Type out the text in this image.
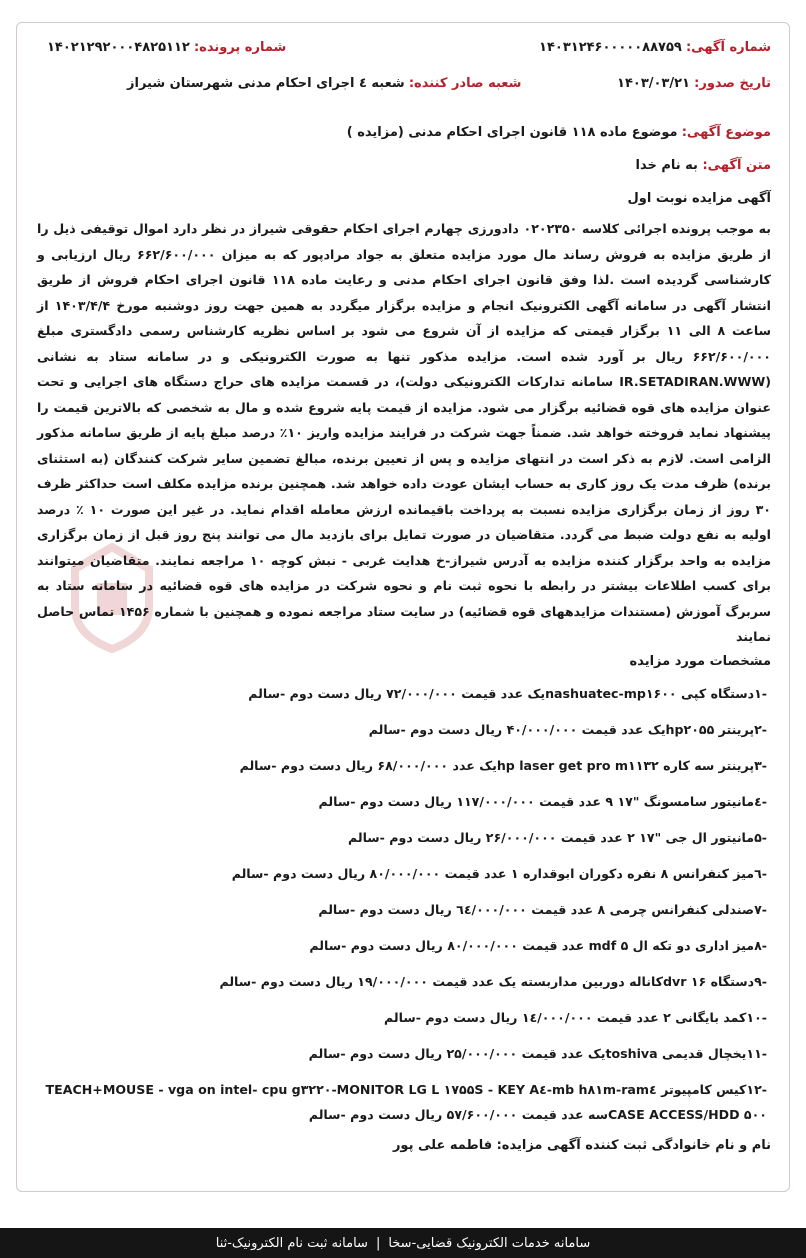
شماره آگهی: ۱۴۰۳۱۲۴۶۰۰۰۰۰۸۸۷۵۹
شماره پرونده: ۱۴۰۲۱۲۹۲۰۰۰۴۸۲۵۱۱۲
تاریخ صدور: ۱۴۰۳/۰۳/۲۱
شعبه صادر کننده: شعبه ٤ اجرای احکام مدنی شهرستان شیراز
موضوع آگهی: موضوع ماده ۱۱۸ قانون اجرای احکام مدنی (مزایده )
متن آگهی: به نام خدا
آگهی مزایده نوبت اول
به موجب پرونده اجرائی کلاسه ۰۲۰۲۳۵۰ دادورزی چهارم اجرای احکام حقوقی شیراز در نظر دارد اموال توقیفی ذیل را از طریق مزایده به فروش رساند مال مورد مزایده متعلق به جواد مرادپور که به میزان ۶۶۲/۶۰۰/۰۰۰ ریال ارزیابی و کارشناسی گردیده است .لذا وفق قانون اجرای احکام مدنی و رعایت ماده ۱۱۸ قانون اجرای احکام فروش از طریق انتشار آگهی در سامانه آگهی الکترونیک انجام و مزایده برگزار میگردد به همین جهت روز دوشنبه مورخ ۱۴۰۳/۴/۴ از ساعت ۸ الی ۱۱ برگزار قیمتی که مزایده از آن شروع می شود بر اساس نظریه کارشناس رسمی دادگستری مبلغ ۶۶۲/۶۰۰/۰۰۰ ریال بر آورد شده است. مزایده مذکور تنها به صورت الکترونیکی و در سامانه ستاد به نشانی (IR.SETADIRAN.WWW سامانه تدارکات الکترونیکی دولت)، در قسمت مزایده های حراج دستگاه های اجرایی و تحت عنوان مزایده های قوه قضائیه برگزار می شود. مزایده از قیمت پایه شروع شده و مال به شخصی که بالاترین قیمت را پیشنهاد نماید فروخته خواهد شد. ضمناً جهت شرکت در فرایند مزایده واریز ۱۰٪ درصد مبلغ پایه از طریق سامانه مذکور الزامی است. لازم به ذکر است در انتهای مزایده و پس از تعیین برنده، مبالغ تضمین سایر شرکت کنندگان (به استثنای برنده) ظرف مدت یک روز کاری به حساب ایشان عودت داده خواهد شد. همچنین برنده مزایده مکلف است حداکثر ظرف ۳۰ روز از زمان برگزاری مزایده نسبت به پرداخت باقیمانده ارزش معامله اقدام نماید. در غیر این صورت ۱۰ ٪ درصد اولیه به نفع دولت ضبط می گردد. متقاضیان در صورت تمایل برای بازدید مال می توانند پنج روز قبل از زمان برگزاری مزایده به واحد برگزار کننده مزایده به آدرس شیراز-خ هدایت غربی - نبش کوچه ۱۰ مراجعه نمایند. متقاضیان میتوانند برای کسب اطلاعات بیشتر در رابطه با نحوه ثبت نام و نحوه شرکت در مزایده های قوه قضائیه در سامانه ستاد به سربرگ آموزش (مستندات مزایدههای قوه قضائیه) در سایت ستاد مراجعه نموده و همچنین با شماره ۱۴۵۶ تماس حاصل نمایند
مشخصات مورد مزایده
-۱دستگاه کپی nashuatec-mp۱۶۰۰یک عدد قیمت ۷۲/۰۰۰/۰۰۰ ریال دست دوم -سالم
-۲پرینتر hp۲۰۵۵یک عدد قیمت ۴۰/۰۰۰/۰۰۰ ریال دست دوم -سالم
-۳پرینتر سه کاره hp laser get pro m۱۱۳۲یک عدد ۶۸/۰۰۰/۰۰۰ ریال دست دوم -سالم
-٤مانیتور سامسونگ "۱۷ ۹ عدد قیمت ۱۱۷/۰۰۰/۰۰۰ ریال دست دوم -سالم
-۵مانیتور ال جی "۱۷ ۲ عدد قیمت ۲۶/۰۰۰/۰۰۰ ریال دست دوم -سالم
-٦میز کنفرانس ۸ نفره دکوران ابوقداره ۱ عدد قیمت ۸۰/۰۰۰/۰۰۰ ریال دست دوم -سالم
-۷صندلی کنفرانس چرمی ۸ عدد قیمت ٦٤/۰۰۰/۰۰۰ ریال دست دوم -سالم
-۸میز اداری دو تکه ال mdf ۵ عدد قیمت ۸۰/۰۰۰/۰۰۰ ریال دست دوم -سالم
-۹دستگاه dvr ۱۶کاناله دوربین مداربسته یک عدد قیمت ۱۹/۰۰۰/۰۰۰ ریال دست دوم -سالم
-۱۰کمد بایگانی ۲ عدد قیمت ۱٤/۰۰۰/۰۰۰ ریال دست دوم -سالم
-۱۱یخچال قدیمی toshivaیک عدد قیمت ۲۵/۰۰۰/۰۰۰ ریال دست دوم -سالم
-۱۲کیس کامپیوتر mb h۸۱m-ram٤-vga on intel- cpu g۳۲۲۰-MONITOR LG L ۱۷۵۵S - KEY A٤ TEACH+MOUSE - CASE ACCESS/HDD ۵۰۰سه عدد قیمت ۵۷/۶۰۰/۰۰۰ ریال دست دوم -سالم
نام و نام خانوادگی ثبت کننده آگهی مزایده: فاطمه علی پور
سامانه خدمات الکترونیک قضایی-سخا
|
سامانه ثبت نام الکترونیک-ثنا
